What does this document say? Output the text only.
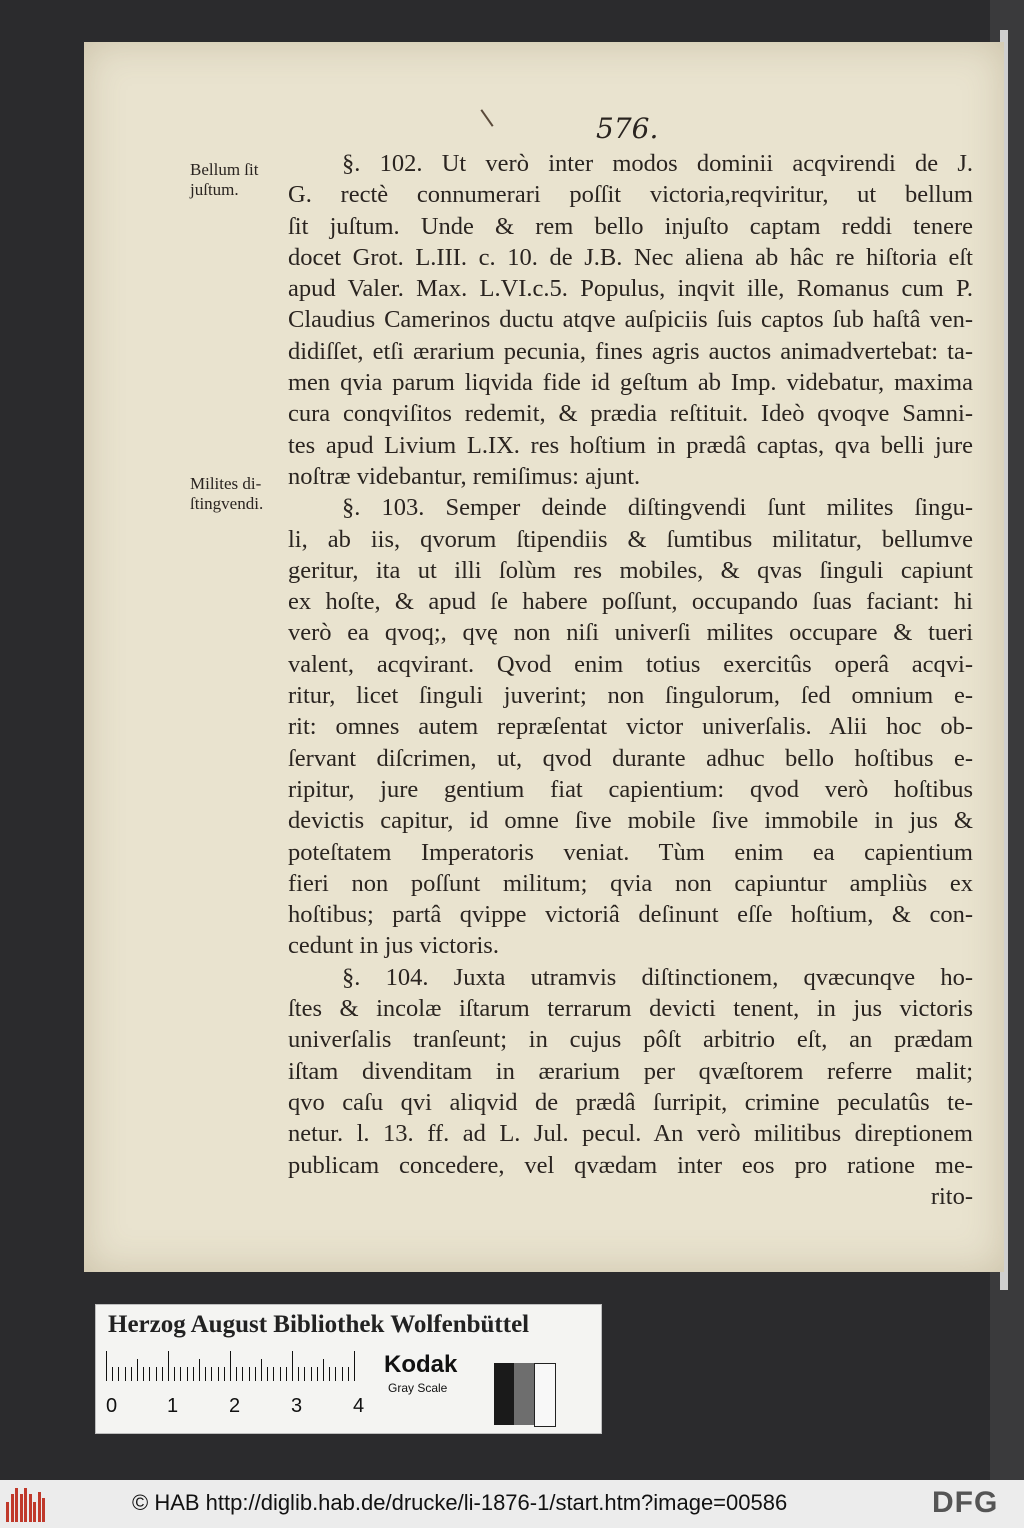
576.
Bellum ſit
juſtum.
Milites di-
ſtingvendi.
§. 102. Ut verò inter modos dominii acqvirendi de J.
G. rectè connumerari poſſit victoria,reqviritur, ut bellum
ſit juſtum. Unde & rem bello injuſto captam reddi tenere
docet Grot. L.III. c. 10. de J.B. Nec aliena ab hâc re hiſtoria eſt
apud Valer. Max. L.VI.c.5. Populus, inqvit ille, Romanus cum P.
Claudius Camerinos ductu atqve auſpiciis ſuis captos ſub haſtâ ven-
didiſſet, etſi ærarium pecunia, fines agris auctos animadvertebat: ta-
men qvia parum liqvida fide id geſtum ab Imp. videbatur, maxima
cura conqviſitos redemit, & prædia reſtituit. Ideò qvoqve Samni-
tes apud Livium L.IX. res hoſtium in prædâ captas, qva belli jure
noſtræ videbantur, remiſimus: ajunt.
§. 103. Semper deinde diſtingvendi ſunt milites ſingu-
li, ab iis, qvorum ſtipendiis & ſumtibus militatur, bellumve
geritur, ita ut illi ſolùm res mobiles, & qvas ſinguli capiunt
ex hoſte, & apud ſe habere poſſunt, occupando ſuas faciant: hi
verò ea qvoq;, qvę non niſi univerſi milites occupare & tueri
valent, acqvirant. Qvod enim totius exercitûs operâ acqvi-
ritur, licet ſinguli juverint; non ſingulorum, ſed omnium e-
rit: omnes autem repræſentat victor univerſalis. Alii hoc ob-
ſervant diſcrimen, ut, qvod durante adhuc bello hoſtibus e-
ripitur, jure gentium fiat capientium: qvod verò hoſtibus
devictis capitur, id omne ſive mobile ſive immobile in jus &
poteſtatem Imperatoris veniat. Tùm enim ea capientium
fieri non poſſunt militum; qvia non capiuntur ampliùs ex
hoſtibus; partâ qvippe victoriâ deſinunt eſſe hoſtium, & con-
cedunt in jus victoris.
§. 104. Juxta utramvis diſtinctionem, qvæcunqve ho-
ſtes & incolæ iſtarum terrarum devicti tenent, in jus victoris
univerſalis tranſeunt; in cujus pôſt arbitrio eſt, an prædam
iſtam divenditam in ærarium per qvæſtorem referre malit;
qvo caſu qvi aliqvid de prædâ ſurripit, crimine peculatûs te-
netur. l. 13. ff. ad L. Jul. pecul. An verò militibus direptionem
publicam concedere, vel qvædam inter eos pro ratione me-
rito-
Herzog August Bibliothek Wolfenbüttel
0 1	2	3	4
Kodak
Gray Scale
© HAB http://diglib.hab.de/drucke/li-1876-1/start.htm?image=00586	DFG
